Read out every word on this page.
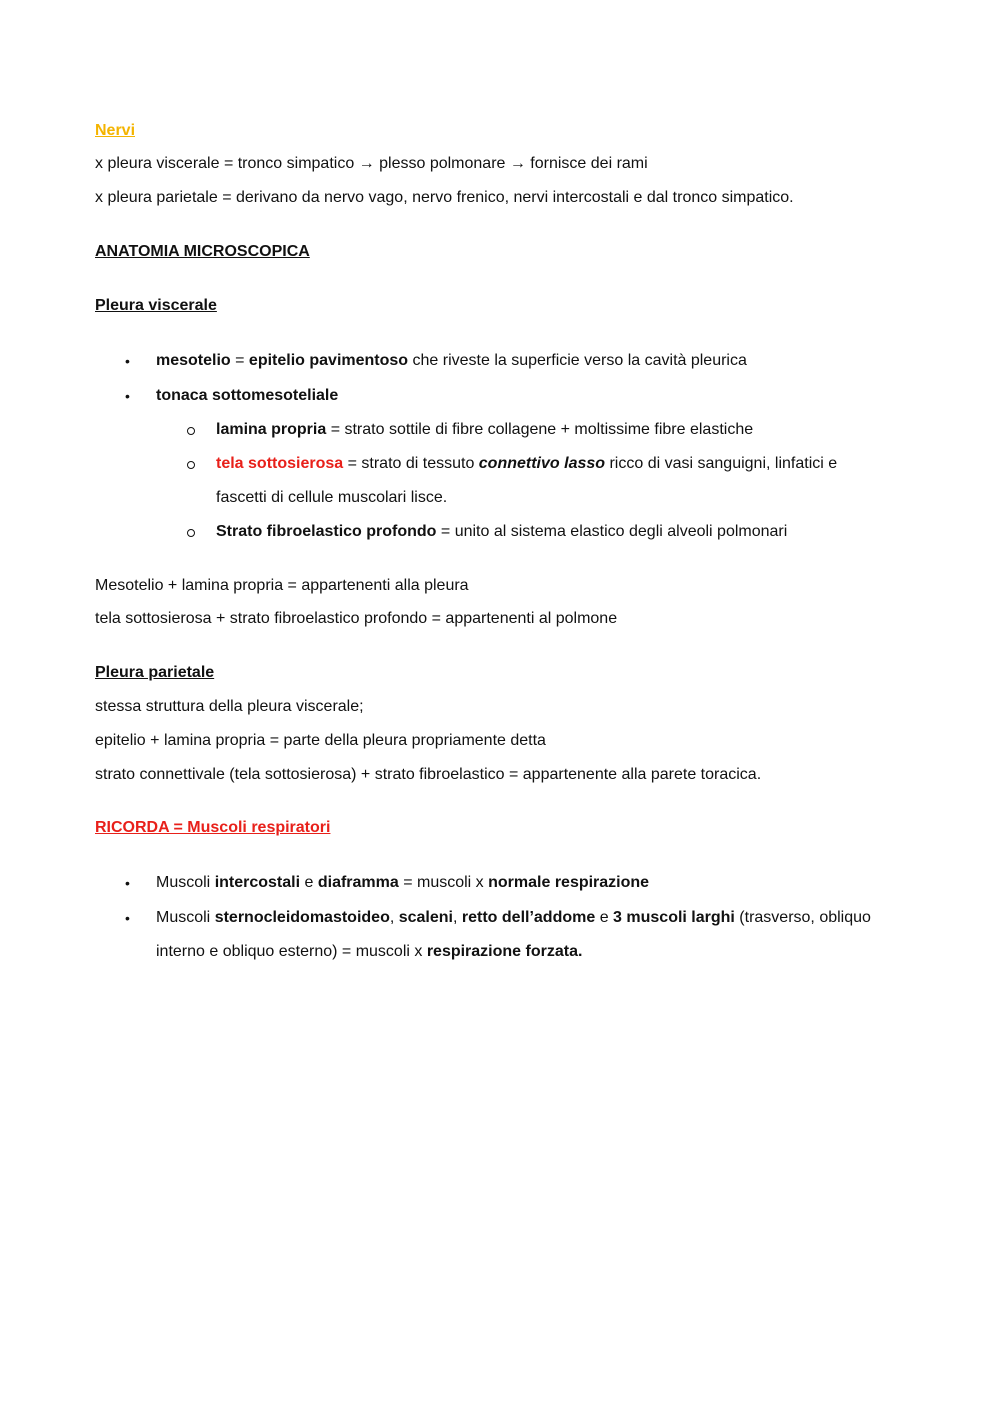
Nervi
x pleura viscerale = tronco simpatico → plesso polmonare → fornisce dei rami
x pleura parietale = derivano da nervo vago, nervo frenico, nervi intercostali e dal tronco simpatico.
ANATOMIA MICROSCOPICA
Pleura viscerale
• mesotelio = epitelio pavimentoso che riveste la superficie verso la cavità pleurica
• tonaca sottomesoteliale
lamina propria = strato sottile di fibre collagene + moltissime fibre elastiche
tela sottosierosa = strato di tessuto connettivo lasso ricco di vasi sanguigni, linfatici e
fascetti di cellule muscolari lisce.
Strato fibroelastico profondo = unito al sistema elastico degli alveoli polmonari
Mesotelio + lamina propria = appartenenti alla pleura
tela sottosierosa + strato fibroelastico profondo = appartenenti al polmone
Pleura parietale
stessa struttura della pleura viscerale;
epitelio + lamina propria = parte della pleura propriamente detta
strato connettivale (tela sottosierosa) + strato fibroelastico = appartenente alla parete toracica.
RICORDA = Muscoli respiratori
• Muscoli intercostali e diaframma = muscoli x normale respirazione
• Muscoli sternocleidomastoideo, scaleni, retto dell’addome e 3 muscoli larghi (trasverso, obliquo
interno e obliquo esterno) = muscoli x respirazione forzata.
